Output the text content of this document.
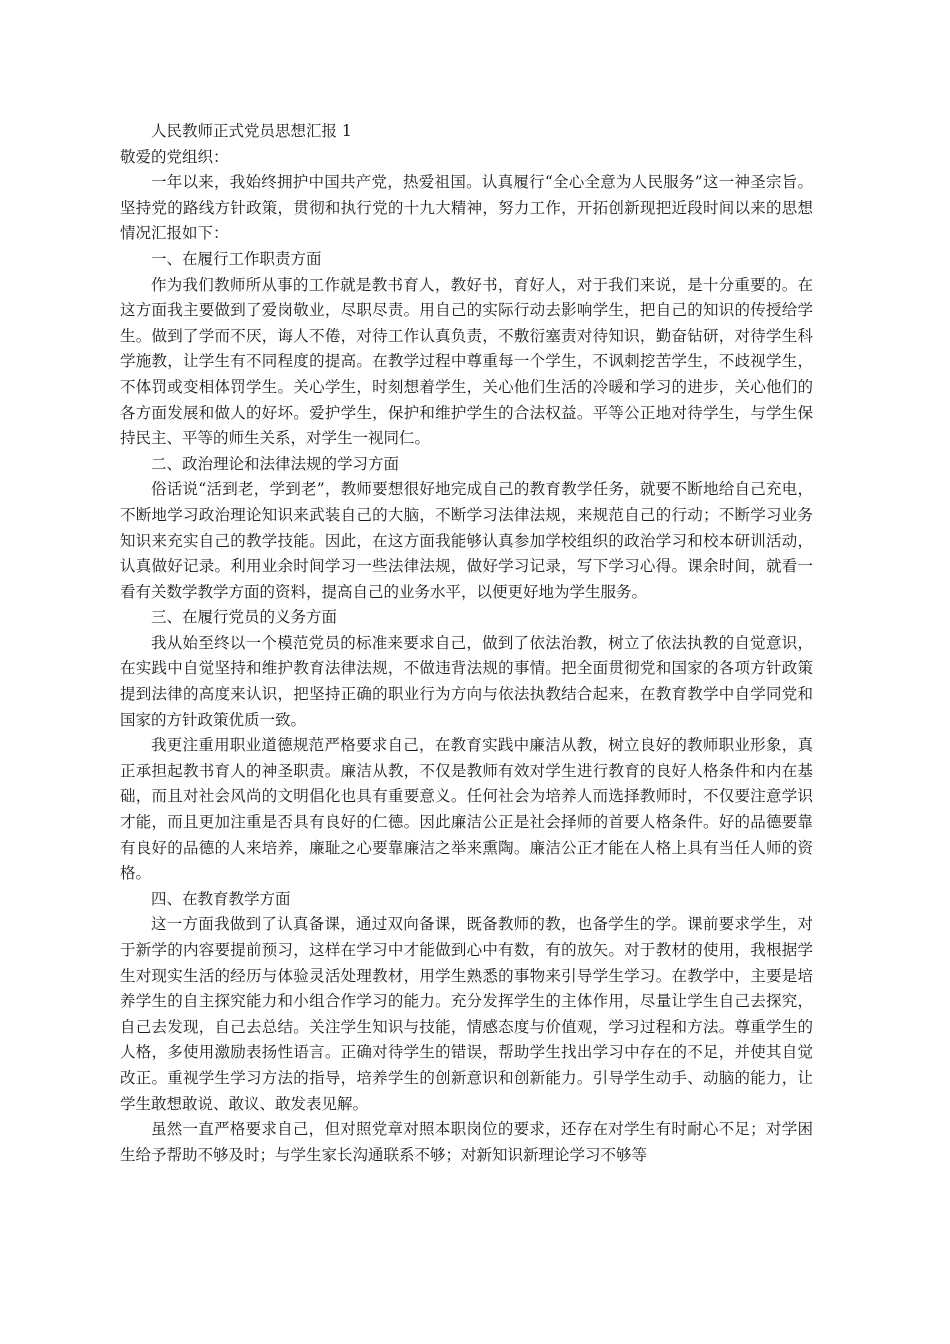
人民教师正式党员思想汇报 1

敬爱的党组织：

一年以来，我始终拥护中国共产党，热爱祖国。认真履行“全心全意为人民服务”这一神圣宗旨。坚持党的路线方针政策，贯彻和执行党的十九大精神，努力工作，开拓创新现把近段时间以来的思想情况汇报如下：

一、在履行工作职责方面

作为我们教师所从事的工作就是教书育人，教好书，育好人，对于我们来说，是十分重要的。在这方面我主要做到了爱岗敬业，尽职尽责。用自己的实际行动去影响学生，把自己的知识的传授给学生。做到了学而不厌，诲人不倦，对待工作认真负责，不敷衍塞责对待知识，勤奋钻研，对待学生科学施教，让学生有不同程度的提高。在教学过程中尊重每一个学生，不讽刺挖苦学生，不歧视学生，不体罚或变相体罚学生。关心学生，时刻想着学生，关心他们生活的冷暖和学习的进步，关心他们的各方面发展和做人的好坏。爱护学生，保护和维护学生的合法权益。平等公正地对待学生，与学生保持民主、平等的师生关系，对学生一视同仁。

二、政治理论和法律法规的学习方面

俗话说“活到老，学到老”，教师要想很好地完成自己的教育教学任务，就要不断地给自己充电，不断地学习政治理论知识来武装自己的大脑，不断学习法律法规，来规范自己的行动；不断学习业务知识来充实自己的教学技能。因此，在这方面我能够认真参加学校组织的政治学习和校本研训活动，认真做好记录。利用业余时间学习一些法律法规，做好学习记录，写下学习心得。课余时间，就看一看有关数学教学方面的资料，提高自己的业务水平，以便更好地为学生服务。

三、在履行党员的义务方面

我从始至终以一个模范党员的标准来要求自己，做到了依法治教，树立了依法执教的自觉意识，在实践中自觉坚持和维护教育法律法规，不做违背法规的事情。把全面贯彻党和国家的各项方针政策提到法律的高度来认识，把坚持正确的职业行为方向与依法执教结合起来，在教育教学中自学同党和国家的方针政策优质一致。

我更注重用职业道德规范严格要求自己，在教育实践中廉洁从教，树立良好的教师职业形象，真正承担起教书育人的神圣职责。廉洁从教，不仅是教师有效对学生进行教育的良好人格条件和内在基础，而且对社会风尚的文明倡化也具有重要意义。任何社会为培养人而选择教师时，不仅要注意学识才能，而且更加注重是否具有良好的仁德。因此廉洁公正是社会择师的首要人格条件。好的品德要靠有良好的品德的人来培养，廉耻之心要靠廉洁之举来熏陶。廉洁公正才能在人格上具有当任人师的资格。

四、在教育教学方面

这一方面我做到了认真备课，通过双向备课，既备教师的教，也备学生的学。课前要求学生，对于新学的内容要提前预习，这样在学习中才能做到心中有数，有的放矢。对于教材的使用，我根据学生对现实生活的经历与体验灵活处理教材，用学生熟悉的事物来引导学生学习。在教学中，主要是培养学生的自主探究能力和小组合作学习的能力。充分发挥学生的主体作用，尽量让学生自己去探究，自己去发现，自己去总结。关注学生知识与技能，情感态度与价值观，学习过程和方法。尊重学生的人格，多使用激励表扬性语言。正确对待学生的错误，帮助学生找出学习中存在的不足，并使其自觉改正。重视学生学习方法的指导，培养学生的创新意识和创新能力。引导学生动手、动脑的能力，让学生敢想敢说、敢议、敢发表见解。

虽然一直严格要求自己，但对照党章对照本职岗位的要求，还存在对学生有时耐心不足；对学困生给予帮助不够及时；与学生家长沟通联系不够；对新知识新理论学习不够等
